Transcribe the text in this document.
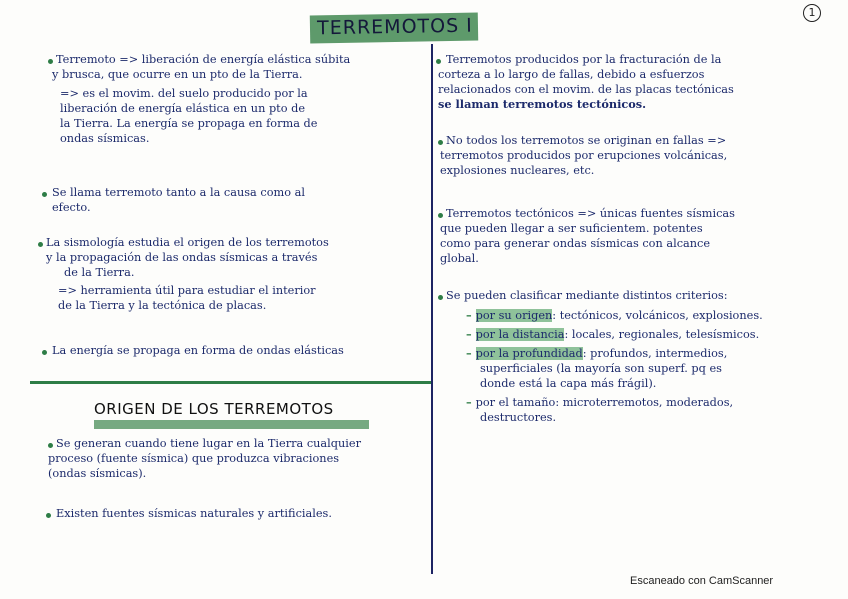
TERREMOTOS I
1
Terremoto => liberación de energía elástica súbita
y brusca, que ocurre en un pto de la Tierra.
=> es el movim. del suelo producido por la
liberación de energía elástica en un pto de
la Tierra. La energía se propaga en forma de
ondas sísmicas.
Se llama terremoto tanto a la causa como al
efecto.
La sismología estudia el origen de los terremotos
y la propagación de las ondas sísmicas a través
de la Tierra.
=> herramienta útil para estudiar el interior
de la Tierra y la tectónica de placas.
La energía se propaga en forma de ondas elásticas
ORIGEN DE LOS TERREMOTOS
Se generan cuando tiene lugar en la Tierra cualquier
proceso (fuente sísmica) que produzca vibraciones
(ondas sísmicas).
Existen fuentes sísmicas naturales y artificiales.
Terremotos producidos por la fracturación de la
corteza a lo largo de fallas, debido a esfuerzos
relacionados con el movim. de las placas tectónicas
se llaman terremotos tectónicos.
No todos los terremotos se originan en fallas =>
terremotos producidos por erupciones volcánicas,
explosiones nucleares, etc.
Terremotos tectónicos => únicas fuentes sísmicas
que pueden llegar a ser suficientem. potentes
como para generar ondas sísmicas con alcance
global.
Se pueden clasificar mediante distintos criterios:
– por su origen: tectónicos, volcánicos, explosiones.
– por la distancia: locales, regionales, telesísmicos.
– por la profundidad: profundos, intermedios,
superficiales (la mayoría son superf. pq es
donde está la capa más frágil).
– por el tamaño: microterremotos, moderados,
destructores.
Escaneado con CamScanner
